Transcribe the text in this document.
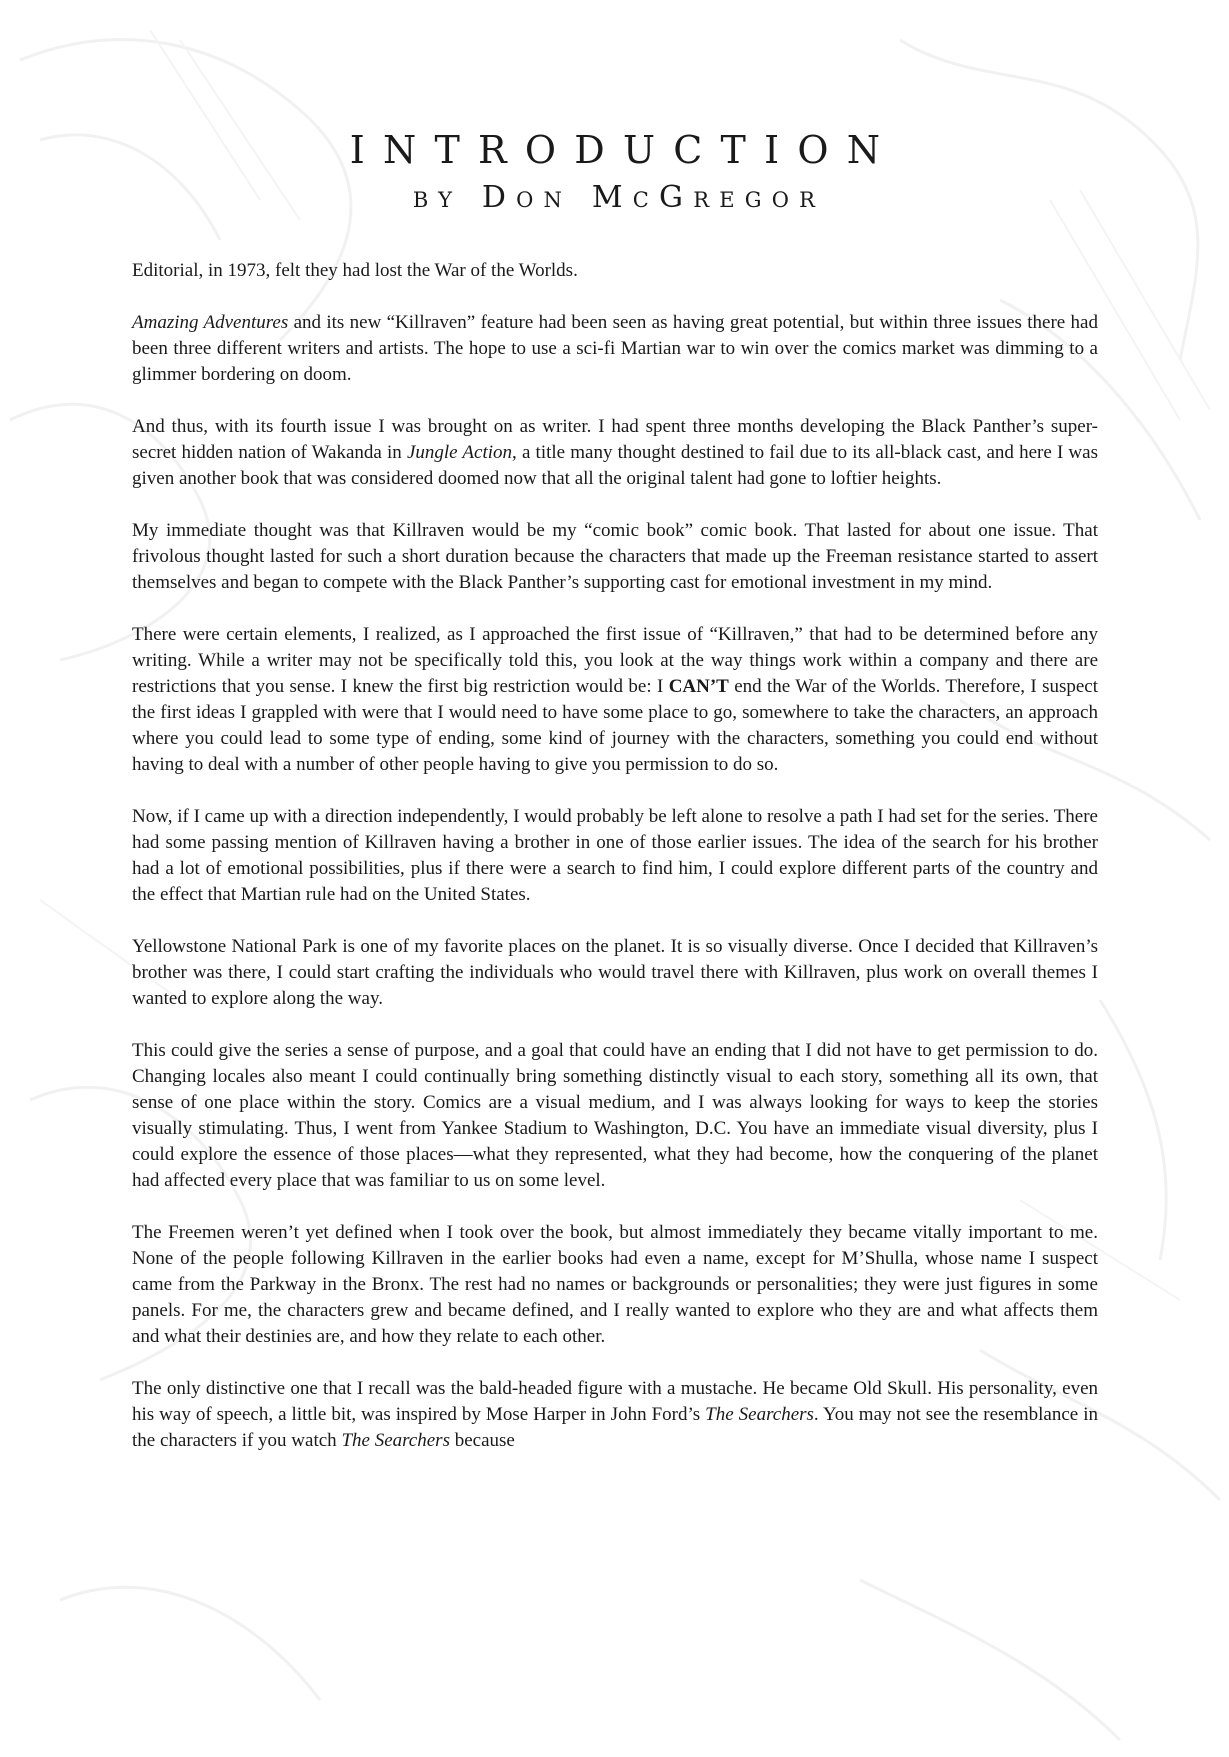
INTRODUCTION
by Don McGregor

Editorial, in 1973, felt they had lost the War of the Worlds.

Amazing Adventures and its new “Killraven” feature had been seen as having great potential, but within three issues there had been three different writers and artists. The hope to use a sci-fi Martian war to win over the comics market was dimming to a glimmer bordering on doom.

And thus, with its fourth issue I was brought on as writer. I had spent three months developing the Black Panther’s super-secret hidden nation of Wakanda in Jungle Action, a title many thought destined to fail due to its all-black cast, and here I was given another book that was considered doomed now that all the original talent had gone to loftier heights.

My immediate thought was that Killraven would be my “comic book” comic book. That lasted for about one issue. That frivolous thought lasted for such a short duration because the characters that made up the Freeman resistance started to assert themselves and began to compete with the Black Panther’s supporting cast for emotional investment in my mind.

There were certain elements, I realized, as I approached the first issue of “Killraven,” that had to be determined before any writing. While a writer may not be specifically told this, you look at the way things work within a company and there are restrictions that you sense. I knew the first big restriction would be: I CAN’T end the War of the Worlds. Therefore, I suspect the first ideas I grappled with were that I would need to have some place to go, somewhere to take the characters, an approach where you could lead to some type of ending, some kind of journey with the characters, something you could end without having to deal with a number of other people having to give you permission to do so.

Now, if I came up with a direction independently, I would probably be left alone to resolve a path I had set for the series. There had some passing mention of Killraven having a brother in one of those earlier issues. The idea of the search for his brother had a lot of emotional possibilities, plus if there were a search to find him, I could explore different parts of the country and the effect that Martian rule had on the United States.

Yellowstone National Park is one of my favorite places on the planet. It is so visually diverse. Once I decided that Killraven’s brother was there, I could start crafting the individuals who would travel there with Killraven, plus work on overall themes I wanted to explore along the way.

This could give the series a sense of purpose, and a goal that could have an ending that I did not have to get permission to do. Changing locales also meant I could continually bring something distinctly visual to each story, something all its own, that sense of one place within the story. Comics are a visual medium, and I was always looking for ways to keep the stories visually stimulating. Thus, I went from Yankee Stadium to Washington, D.C. You have an immediate visual diversity, plus I could explore the essence of those places—what they represented, what they had become, how the conquering of the planet had affected every place that was familiar to us on some level.

The Freemen weren’t yet defined when I took over the book, but almost immediately they became vitally important to me. None of the people following Killraven in the earlier books had even a name, except for M’Shulla, whose name I suspect came from the Parkway in the Bronx. The rest had no names or backgrounds or personalities; they were just figures in some panels. For me, the characters grew and became defined, and I really wanted to explore who they are and what affects them and what their destinies are, and how they relate to each other.

The only distinctive one that I recall was the bald-headed figure with a mustache. He became Old Skull. His personality, even his way of speech, a little bit, was inspired by Mose Harper in John Ford’s The Searchers. You may not see the resemblance in the characters if you watch The Searchers because
